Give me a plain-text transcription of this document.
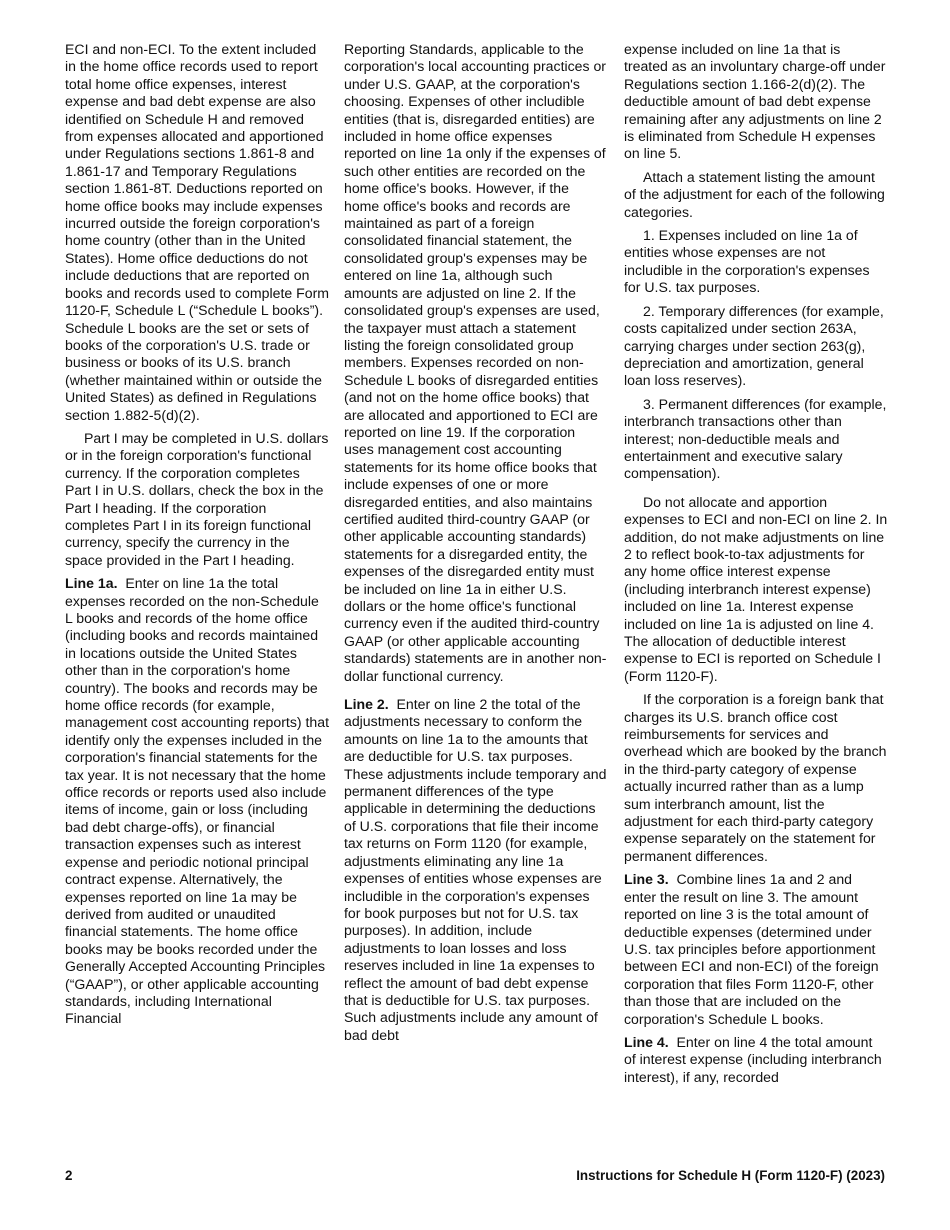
ECI and non-ECI. To the extent included in the home office records used to report total home office expenses, interest expense and bad debt expense are also identified on Schedule H and removed from expenses allocated and apportioned under Regulations sections 1.861-8 and 1.861-17 and Temporary Regulations section 1.861-8T. Deductions reported on home office books may include expenses incurred outside the foreign corporation's home country (other than in the United States). Home office deductions do not include deductions that are reported on books and records used to complete Form 1120-F, Schedule L (“Schedule L books”). Schedule L books are the set or sets of books of the corporation's U.S. trade or business or books of its U.S. branch (whether maintained within or outside the United States) as defined in Regulations section 1.882-5(d)(2).

Part I may be completed in U.S. dollars or in the foreign corporation's functional currency. If the corporation completes Part I in U.S. dollars, check the box in the Part I heading. If the corporation completes Part I in its foreign functional currency, specify the currency in the space provided in the Part I heading.

Line 1a. Enter on line 1a the total expenses recorded on the non-Schedule L books and records of the home office (including books and records maintained in locations outside the United States other than in the corporation's home country). The books and records may be home office records (for example, management cost accounting reports) that identify only the expenses included in the corporation's financial statements for the tax year. It is not necessary that the home office records or reports used also include items of income, gain or loss (including bad debt charge-offs), or financial transaction expenses such as interest expense and periodic notional principal contract expense. Alternatively, the expenses reported on line 1a may be derived from audited or unaudited financial statements. The home office books may be books recorded under the Generally Accepted Accounting Principles (“GAAP”), or other applicable accounting standards, including International Financial

Reporting Standards, applicable to the corporation's local accounting practices or under U.S. GAAP, at the corporation's choosing. Expenses of other includible entities (that is, disregarded entities) are included in home office expenses reported on line 1a only if the expenses of such other entities are recorded on the home office's books. However, if the home office's books and records are maintained as part of a foreign consolidated financial statement, the consolidated group's expenses may be entered on line 1a, although such amounts are adjusted on line 2. If the consolidated group's expenses are used, the taxpayer must attach a statement listing the foreign consolidated group members. Expenses recorded on non-Schedule L books of disregarded entities (and not on the home office books) that are allocated and apportioned to ECI are reported on line 19. If the corporation uses management cost accounting statements for its home office books that include expenses of one or more disregarded entities, and also maintains certified audited third-country GAAP (or other applicable accounting standards) statements for a disregarded entity, the expenses of the disregarded entity must be included on line 1a in either U.S. dollars or the home office's functional currency even if the audited third-country GAAP (or other applicable accounting standards) statements are in another non-dollar functional currency.

Line 2. Enter on line 2 the total of the adjustments necessary to conform the amounts on line 1a to the amounts that are deductible for U.S. tax purposes. These adjustments include temporary and permanent differences of the type applicable in determining the deductions of U.S. corporations that file their income tax returns on Form 1120 (for example, adjustments eliminating any line 1a expenses of entities whose expenses are includible in the corporation's expenses for book purposes but not for U.S. tax purposes). In addition, include adjustments to loan losses and loss reserves included in line 1a expenses to reflect the amount of bad debt expense that is deductible for U.S. tax purposes. Such adjustments include any amount of bad debt

expense included on line 1a that is treated as an involuntary charge-off under Regulations section 1.166-2(d)(2). The deductible amount of bad debt expense remaining after any adjustments on line 2 is eliminated from Schedule H expenses on line 5.

Attach a statement listing the amount of the adjustment for each of the following categories.

1. Expenses included on line 1a of entities whose expenses are not includible in the corporation's expenses for U.S. tax purposes.

2. Temporary differences (for example, costs capitalized under section 263A, carrying charges under section 263(g), depreciation and amortization, general loan loss reserves).

3. Permanent differences (for example, interbranch transactions other than interest; non-deductible meals and entertainment and executive salary compensation).

Do not allocate and apportion expenses to ECI and non-ECI on line 2. In addition, do not make adjustments on line 2 to reflect book-to-tax adjustments for any home office interest expense (including interbranch interest expense) included on line 1a. Interest expense included on line 1a is adjusted on line 4. The allocation of deductible interest expense to ECI is reported on Schedule I (Form 1120-F).

If the corporation is a foreign bank that charges its U.S. branch office cost reimbursements for services and overhead which are booked by the branch in the third-party category of expense actually incurred rather than as a lump sum interbranch amount, list the adjustment for each third-party category expense separately on the statement for permanent differences.

Line 3. Combine lines 1a and 2 and enter the result on line 3. The amount reported on line 3 is the total amount of deductible expenses (determined under U.S. tax principles before apportionment between ECI and non-ECI) of the foreign corporation that files Form 1120-F, other than those that are included on the corporation's Schedule L books.

Line 4. Enter on line 4 the total amount of interest expense (including interbranch interest), if any, recorded

2	Instructions for Schedule H (Form 1120-F) (2023)
